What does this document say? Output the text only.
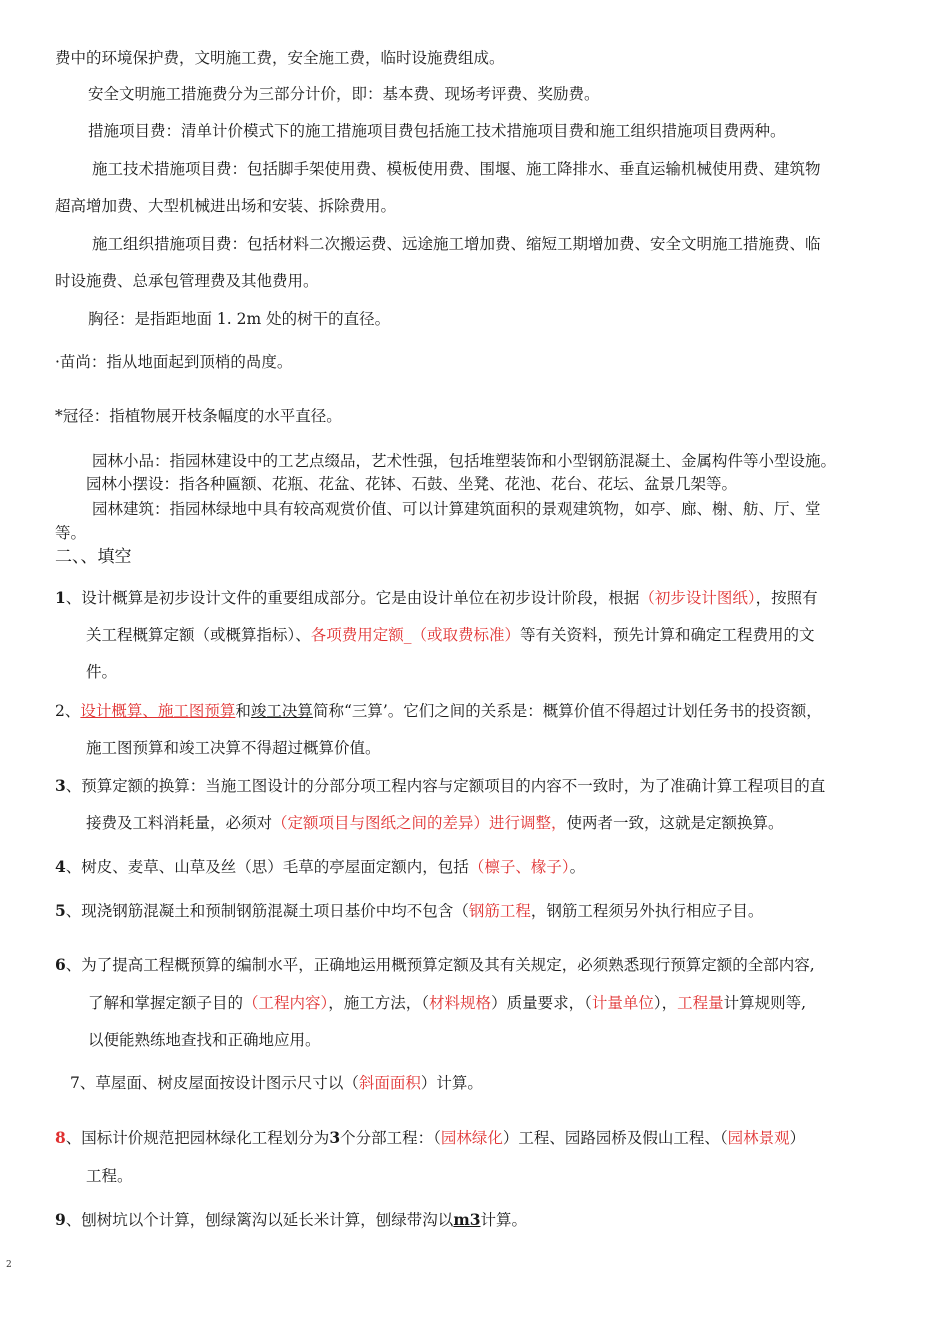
费中的环境保护费，文明施工费，安全施工费，临时设施费组成。
安全文明施工措施费分为三部分计价，即：基本费、现场考评费、奖励费。
措施项目费：清单计价模式下的施工措施项目费包括施工技术措施项目费和施工组织措施项目费两种。
施工技术措施项目费：包括脚手架使用费、模板使用费、围堰、施工降排水、垂直运输机械使用费、建筑物
超高增加费、大型机械进出场和安装、拆除费用。
施工组织措施项目费：包括材料二次搬运费、远途施工增加费、缩短工期增加费、安全文明施工措施费、临
时设施费、总承包管理费及其他费用。
胸径：是指距地面 1. 2m 处的树干的直径。
·苗尚：指从地面起到顶梢的咼度。
*冠径：指植物展开枝条幅度的水平直径。
园林小品：指园林建设中的工艺点缀品，艺术性强，包括堆塑装饰和小型钢筋混凝土、金属构件等小型设施。
园林小摆设：指各种匾额、花瓶、花盆、花钵、石鼓、坐凳、花池、花台、花坛、盆景几架等。
园林建筑：指园林绿地中具有较高观赏价值、可以计算建筑面积的景观建筑物，如亭、廊、榭、舫、厅、堂
等。
二、、填空
1、设计概算是初步设计文件的重要组成部分。它是由设计单位在初步设计阶段，根据（初步设计图纸），按照有
关工程概算定额（或概算指标）、各项费用定额_（或取费标准）等有关资料，预先计算和确定工程费用的文
件。
2、设计概算、施工图预算和竣工决算简称“三算’。它们之间的关系是：概算价值不得超过计划任务书的投资额，
施工图预算和竣工决算不得超过概算价值。
3、预算定额的换算：当施工图设计的分部分项工程内容与定额项目的内容不一致时，为了准确计算工程项目的直
接费及工料消耗量，必须对（定额项目与图纸之间的差异）进行调整，使两者一致，这就是定额换算。
4、树皮、麦草、山草及丝（思）毛草的亭屋面定额内，包括（檩子、椽子）。
5、现浇钢筋混凝土和预制钢筋混凝土项日基价中均不包含（钢筋工程，钢筋工程须另外执行相应子目。
6、为了提高工程概预算的编制水平，正确地运用概预算定额及其有关规定，必须熟悉现行预算定额的全部内容,
了解和掌握定额子目的（工程内容），施工方法，（材料规格）质量要求，（计量单位），工程量计算规则等,
以便能熟练地查找和正确地应用。
7、草屋面、树皮屋面按设计图示尺寸以（斜面面积）计算。
8、国标计价规范把园林绿化工程划分为3个分部工程：（园林绿化）工程、园路园桥及假山工程、（园林景观）
工程。
9、刨树坑以个计算，刨绿篱沟以延长米计算，刨绿带沟以m3计算。
2
